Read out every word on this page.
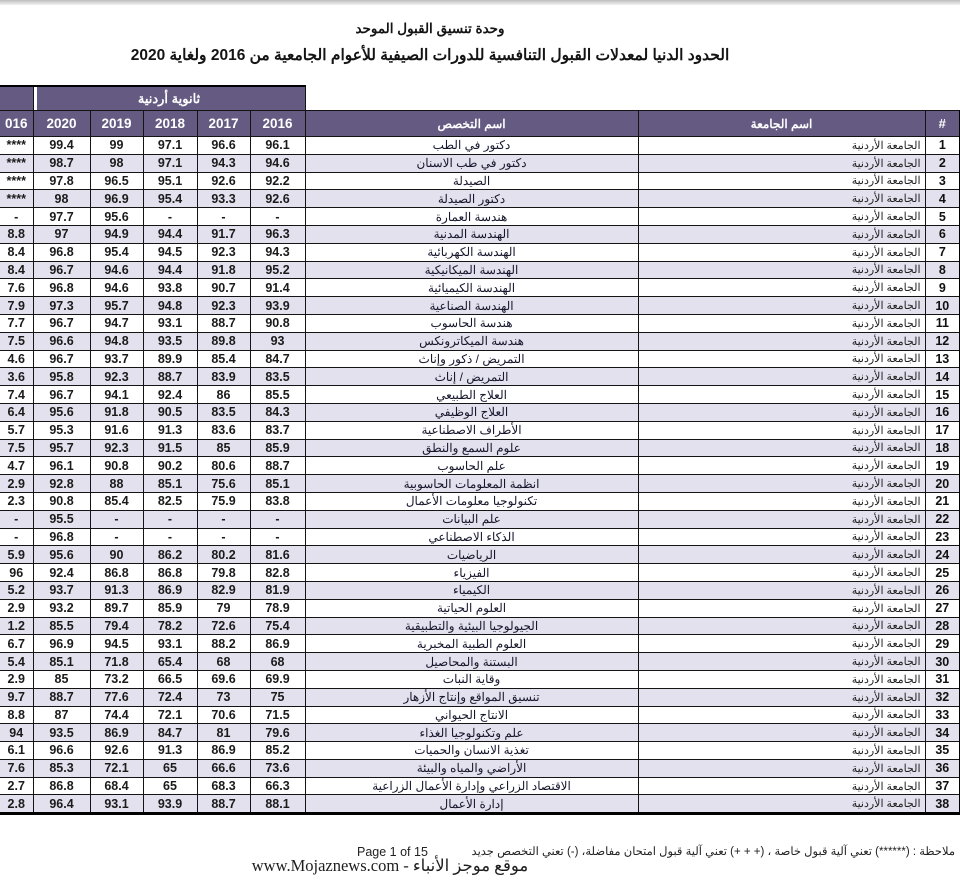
وحدة تنسيق القبول الموحد
الحدود الدنيا لمعدلات القبول التنافسية للدورات الصيفية للأعوام الجامعية من 2016 ولغاية 2020
	ثانوية أردنية							
016	2020	2019	2018	2017	2016	اسم التخصص	اسم الجامعة	#
****	99.4	99	97.1	96.6	96.1	دكتور في الطب	الجامعة الأردنية	1
****	98.7	98	97.1	94.3	94.6	دكتور في طب الاسنان	الجامعة الأردنية	2
****	97.8	96.5	95.1	92.6	92.2	الصيدلة	الجامعة الأردنية	3
****	98	96.9	95.4	93.3	92.6	دكتور الصيدلة	الجامعة الأردنية	4
-	97.7	95.6	-	-	-	هندسة العمارة	الجامعة الأردنية	5
8.8	97	94.9	94.4	91.7	96.3	الهندسة المدنية	الجامعة الأردنية	6
8.4	96.8	95.4	94.5	92.3	94.3	الهندسة الكهربائية	الجامعة الأردنية	7
8.4	96.7	94.6	94.4	91.8	95.2	الهندسة الميكانيكية	الجامعة الأردنية	8
7.6	96.8	94.6	93.8	90.7	91.4	الهندسة الكيميائية	الجامعة الأردنية	9
7.9	97.3	95.7	94.8	92.3	93.9	الهندسة الصناعية	الجامعة الأردنية	10
7.7	96.7	94.7	93.1	88.7	90.8	هندسة الحاسوب	الجامعة الأردنية	11
7.5	96.6	94.8	93.5	89.8	93	هندسة الميكاترونكس	الجامعة الأردنية	12
4.6	96.7	93.7	89.9	85.4	84.7	التمريض / ذكور وإناث	الجامعة الأردنية	13
3.6	95.8	92.3	88.7	83.9	83.5	التمريض / إناث	الجامعة الأردنية	14
7.4	96.7	94.1	92.4	86	85.5	العلاج الطبيعي	الجامعة الأردنية	15
6.4	95.6	91.8	90.5	83.5	84.3	العلاج الوظيفي	الجامعة الأردنية	16
5.7	95.3	91.6	91.3	83.6	83.7	الأطراف الاصطناعية	الجامعة الأردنية	17
7.5	95.7	92.3	91.5	85	85.9	علوم السمع والنطق	الجامعة الأردنية	18
4.7	96.1	90.8	90.2	80.6	88.7	علم الحاسوب	الجامعة الأردنية	19
2.9	92.8	88	85.1	75.6	85.1	انظمة المعلومات الحاسوبية	الجامعة الأردنية	20
2.3	90.8	85.4	82.5	75.9	83.8	تكنولوجيا معلومات الأعمال	الجامعة الأردنية	21
-	95.5	-	-	-	-	علم البيانات	الجامعة الأردنية	22
-	96.8	-	-	-	-	الذكاء الاصطناعي	الجامعة الأردنية	23
5.9	95.6	90	86.2	80.2	81.6	الرياضيات	الجامعة الأردنية	24
96	92.4	86.8	86.8	79.8	82.8	الفيزياء	الجامعة الأردنية	25
5.2	93.7	91.3	86.9	82.9	81.9	الكيمياء	الجامعة الأردنية	26
2.9	93.2	89.7	85.9	79	78.9	العلوم الحياتية	الجامعة الأردنية	27
1.2	85.5	79.4	78.2	72.6	75.4	الجيولوجيا البيئية والتطبيقية	الجامعة الأردنية	28
6.7	96.9	94.5	93.1	88.2	86.9	العلوم الطبية المخبرية	الجامعة الأردنية	29
5.4	85.1	71.8	65.4	68	68	البستنة والمحاصيل	الجامعة الأردنية	30
2.9	85	73.2	66.5	69.6	69.9	وقاية النبات	الجامعة الأردنية	31
9.7	88.7	77.6	72.4	73	75	تنسيق المواقع وإنتاج الأزهار	الجامعة الأردنية	32
8.8	87	74.4	72.1	70.6	71.5	الانتاج الحيواني	الجامعة الأردنية	33
94	93.5	86.9	84.7	81	79.6	علم وتكنولوجيا الغذاء	الجامعة الأردنية	34
6.1	96.6	92.6	91.3	86.9	85.2	تغذية الانسان والحميات	الجامعة الأردنية	35
7.6	85.3	72.1	65	66.6	73.6	الأراضي والمياه والبيئة	الجامعة الأردنية	36
2.7	86.8	68.4	65	68.3	66.3	الاقتصاد الزراعي وإدارة الأعمال الزراعية	الجامعة الأردنية	37
2.8	96.4	93.1	93.9	88.7	88.1	إدارة الأعمال	الجامعة الأردنية	38
ملاحظة : (******) تعني آلية قبول خاصة ، (+ + +) تعني آلية قبول امتحان مفاضلة، (-) تعني التخصص جديد
Page 1 of 15
موقع موجز الأنباء - www.Mojaznews.com
